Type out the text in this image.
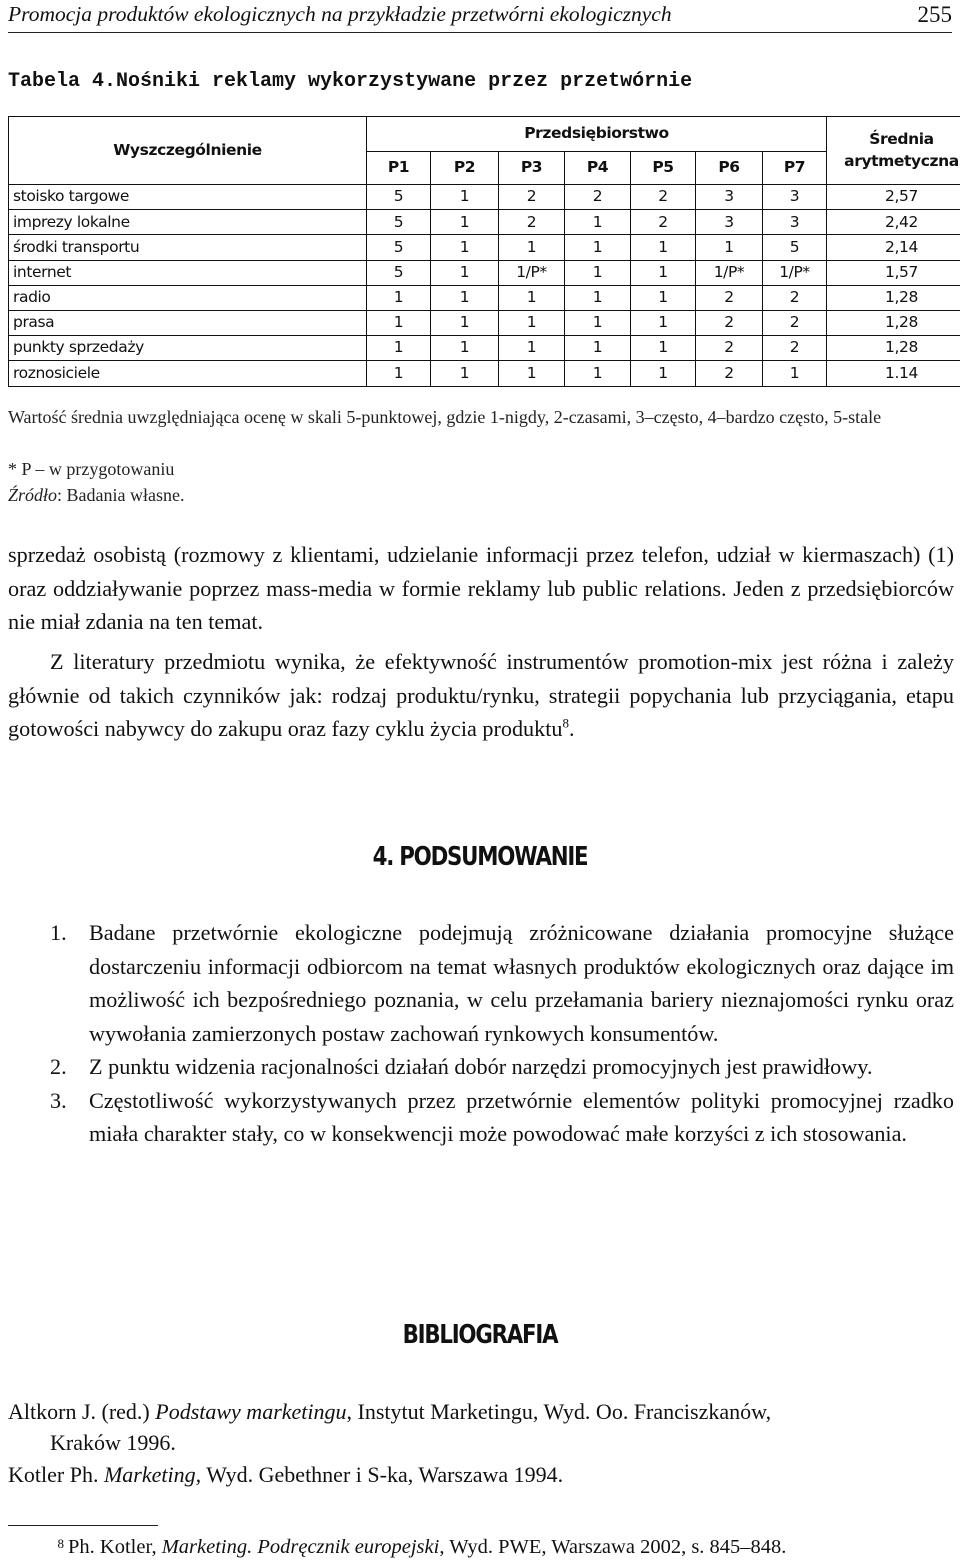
Promocja produktów ekologicznych na przykładzie przetwórni ekologicznych	255
Tabela 4.Nośniki reklamy wykorzystywane przez przetwórnie
Wyszczególnienie	Przedsiębiorstwo							Średnia arytmetyczna
	P1	P2	P3	P4	P5	P6	P7	
stoisko targowe	5	1	2	2	2	3	3	2,57
imprezy lokalne	5	1	2	1	2	3	3	2,42
środki transportu	5	1	1	1	1	1	5	2,14
internet	5	1	1/P*	1	1	1/P*	1/P*	1,57
radio	1	1	1	1	1	2	2	1,28
prasa	1	1	1	1	1	2	2	1,28
punkty sprzedaży	1	1	1	1	1	2	2	1,28
roznosiciele	1	1	1	1	1	2	1	1.14
Wartość średnia uwzględniająca ocenę w skali 5-punktowej, gdzie 1-nigdy, 2-czasami, 3–często, 4–bardzo często, 5-stale
* P – w przygotowaniu
Źródło: Badania własne.
sprzedaż osobistą (rozmowy z klientami, udzielanie informacji przez telefon, udział w kiermaszach) (1) oraz oddziaływanie poprzez mass-media w formie reklamy lub public relations. Jeden z przedsiębiorców nie miał zdania na ten temat.
Z literatury przedmiotu wynika, że efektywność instrumentów promotion-mix jest różna i zależy głównie od takich czynników jak: rodzaj produktu/rynku, strategii popychania lub przyciągania, etapu gotowości nabywcy do zakupu oraz fazy cyklu życia produktu$^8$.
4. PODSUMOWANIE
1. Badane przetwórnie ekologiczne podejmują zróżnicowane działania promocyjne służące dostarczeniu informacji odbiorcom na temat własnych produktów ekologicznych oraz dające im możliwość ich bezpośredniego poznania, w celu przełamania bariery nieznajomości rynku oraz wywołania zamierzonych postaw zachowań rynkowych konsumentów.
2. Z punktu widzenia racjonalności działań dobór narzędzi promocyjnych jest prawidłowy.
3. Częstotliwość wykorzystywanych przez przetwórnie elementów polityki promocyjnej rzadko miała charakter stały, co w konsekwencji może powodować małe korzyści z ich stosowania.
BIBLIOGRAFIA
Altkorn J. (red.) Podstawy marketingu, Instytut Marketingu, Wyd. Oo. Franciszkanów,
Kraków 1996.
Kotler Ph. Marketing, Wyd. Gebethner i S-ka, Warszawa 1994.
8 Ph. Kotler, Marketing. Podręcznik europejski, Wyd. PWE, Warszawa 2002, s. 845–848.
